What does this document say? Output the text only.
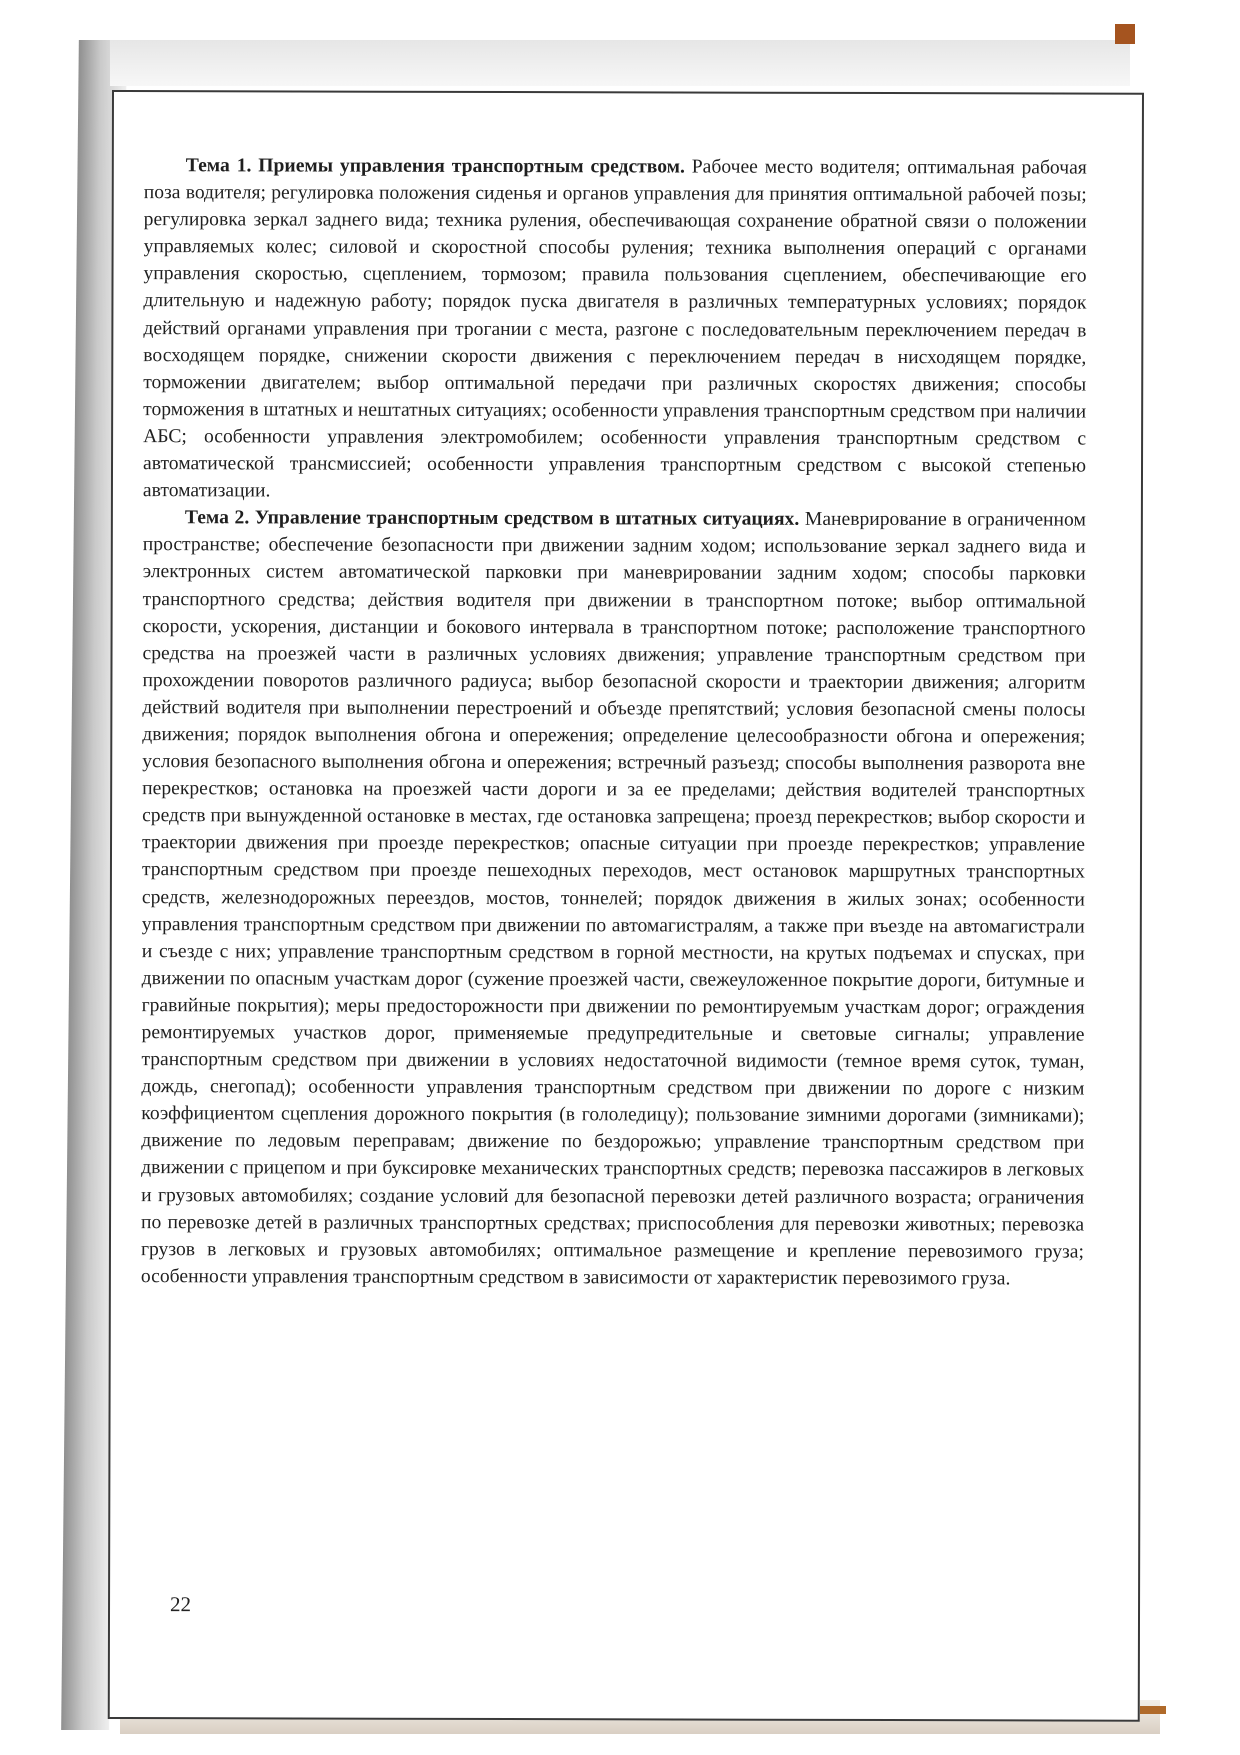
Тема 1. Приемы управления транспортным средством. Рабочее место водителя; оптимальная рабочая поза водителя; регулировка положения сиденья и органов управления для принятия оптимальной рабочей позы; регулировка зеркал заднего вида; техника руления, обеспечивающая сохранение обратной связи о положении управляемых колес; силовой и скоростной способы руления; техника выполнения операций с органами управления скоростью, сцеплением, тормозом; правила пользования сцеплением, обеспечивающие его длительную и надежную работу; порядок пуска двигателя в различных температурных условиях; порядок действий органами управления при трогании с места, разгоне с последовательным переключением передач в восходящем порядке, снижении скорости движения с переключением передач в нисходящем порядке, торможении двигателем; выбор оптимальной передачи при различных скоростях движения; способы торможения в штатных и нештатных ситуациях; особенности управления транспортным средством при наличии АБС; особенности управления электромобилем; особенности управления транспортным средством с автоматической трансмиссией; особенности управления транспортным средством с высокой степенью автоматизации.

Тема 2. Управление транспортным средством в штатных ситуациях. Маневрирование в ограниченном пространстве; обеспечение безопасности при движении задним ходом; использование зеркал заднего вида и электронных систем автоматической парковки при маневрировании задним ходом; способы парковки транспортного средства; действия водителя при движении в транспортном потоке; выбор оптимальной скорости, ускорения, дистанции и бокового интервала в транспортном потоке; расположение транспортного средства на проезжей части в различных условиях движения; управление транспортным средством при прохождении поворотов различного радиуса; выбор безопасной скорости и траектории движения; алгоритм действий водителя при выполнении перестроений и объезде препятствий; условия безопасной смены полосы движения; порядок выполнения обгона и опережения; определение целесообразности обгона и опережения; условия безопасного выполнения обгона и опережения; встречный разъезд; способы выполнения разворота вне перекрестков; остановка на проезжей части дороги и за ее пределами; действия водителей транспортных средств при вынужденной остановке в местах, где остановка запрещена; проезд перекрестков; выбор скорости и траектории движения при проезде перекрестков; опасные ситуации при проезде перекрестков; управление транспортным средством при проезде пешеходных переходов, мест остановок маршрутных транспортных средств, железнодорожных переездов, мостов, тоннелей; порядок движения в жилых зонах; особенности управления транспортным средством при движении по автомагистралям, а также при въезде на автомагистрали и съезде с них; управление транспортным средством в горной местности, на крутых подъемах и спусках, при движении по опасным участкам дорог (сужение проезжей части, свежеуложенное покрытие дороги, битумные и гравийные покрытия); меры предосторожности при движении по ремонтируемым участкам дорог; ограждения ремонтируемых участков дорог, применяемые предупредительные и световые сигналы; управление транспортным средством при движении в условиях недостаточной видимости (темное время суток, туман, дождь, снегопад); особенности управления транспортным средством при движении по дороге с низким коэффициентом сцепления дорожного покрытия (в гололедицу); пользование зимними дорогами (зимниками); движение по ледовым переправам; движение по бездорожью; управление транспортным средством при движении с прицепом и при буксировке механических транспортных средств; перевозка пассажиров в легковых и грузовых автомобилях; создание условий для безопасной перевозки детей различного возраста; ограничения по перевозке детей в различных транспортных средствах; приспособления для перевозки животных; перевозка грузов в легковых и грузовых автомобилях; оптимальное размещение и крепление перевозимого груза; особенности управления транспортным средством в зависимости от характеристик перевозимого груза.

22
